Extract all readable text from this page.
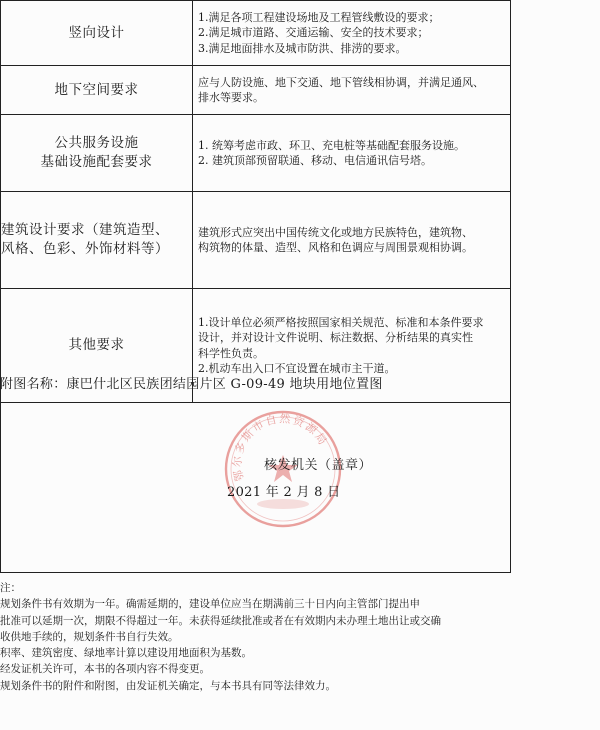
竖向设计	1.满足各项工程建设场地及工程管线敷设的要求；
2.满足城市道路、交通运输、安全的技术要求；
3.满足地面排水及城市防洪、排涝的要求。

地下空间要求	应与人防设施、地下交通、地下管线相协调，并满足通风、
排水等要求。

公共服务设施
基础设施配套要求	1. 统筹考虑市政、环卫、充电桩等基础配套服务设施。
2. 建筑顶部预留联通、移动、电信通讯信号塔。

建筑设计要求（建筑造型、
风格、色彩、外饰材料等）	建筑形式应突出中国传统文化或地方民族特色，建筑物、
构筑物的体量、造型、风格和色调应与周围景观相协调。

其他要求	1.设计单位必须严格按照国家相关规范、标准和本条件要求
设计，并对设计文件说明、标注数据、分析结果的真实性
科学性负责。
2.机动车出入口不宜设置在城市主干道。
附图名称：康巴什北区民族团结园片区 G-09-49 地块用地位置图
鄂尔多斯市自然资源局
核发机关（盖章）
2021 年 2 月 8 日
注：
规划条件书有效期为一年。确需延期的，建设单位应当在期满前三十日内向主管部门提出申
批准可以延期一次，期限不得超过一年。未获得延续批准或者在有效期内未办理土地出让或交确
收供地手续的，规划条件书自行失效。
积率、建筑密度、绿地率计算以建设用地面积为基数。
经发证机关许可，本书的各项内容不得变更。
规划条件书的附件和附图，由发证机关确定，与本书具有同等法律效力。
